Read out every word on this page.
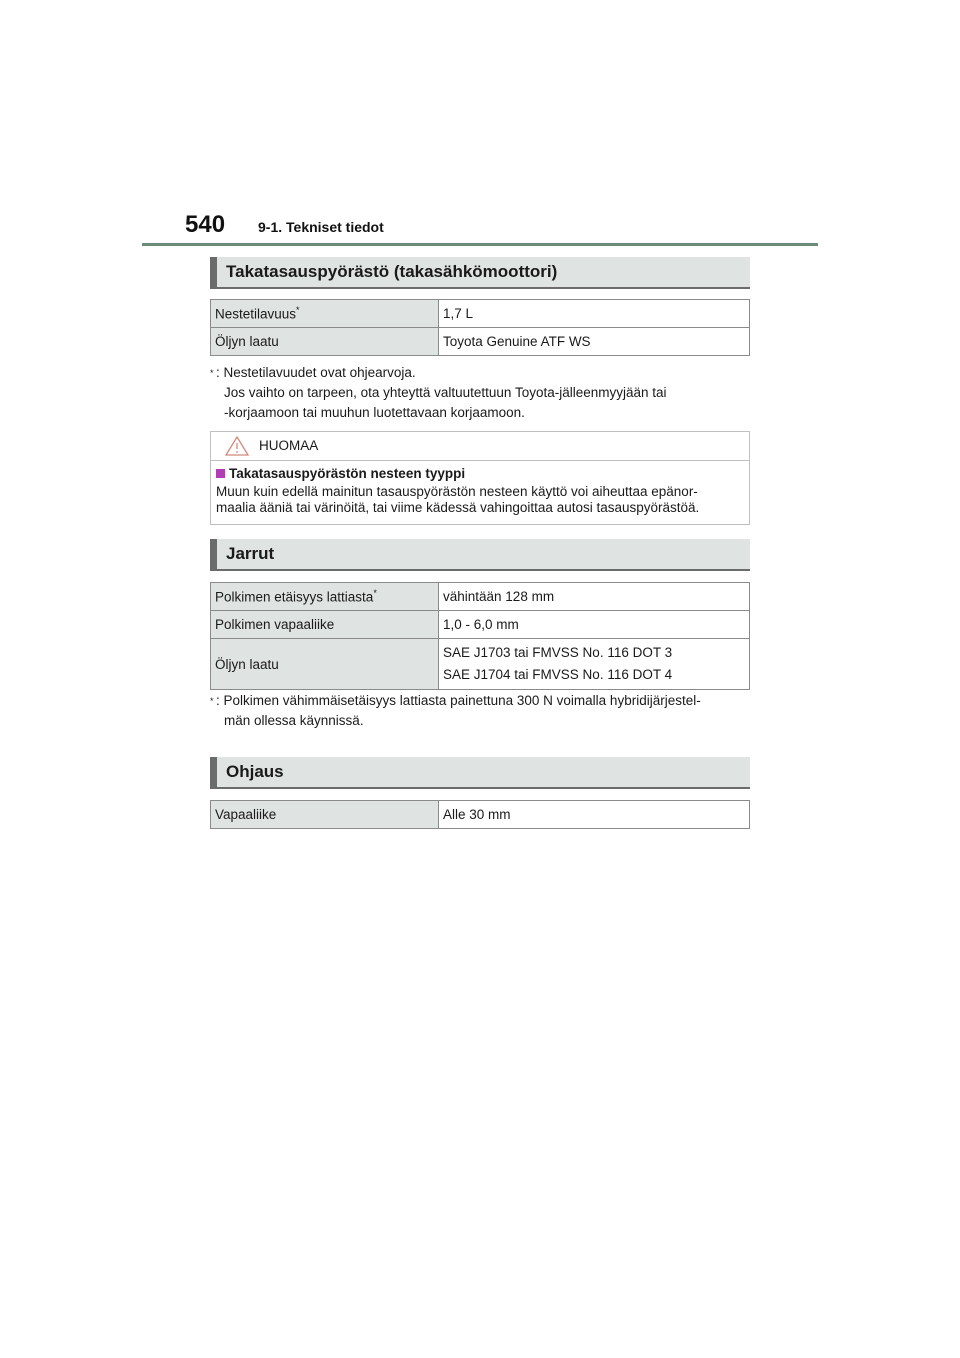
540 9-1. Tekniset tiedot
Takatasauspyörästö (takasähkömoottori)
Nestetilavuus*	1,7 L
Öljyn laatu	Toyota Genuine ATF WS
* : Nestetilavuudet ovat ohjearvoja.
Jos vaihto on tarpeen, ota yhteyttä valtuutettuun Toyota-jälleenmyyjään tai
-korjaamoon tai muuhun luotettavaan korjaamoon.
HUOMAA
Takatasauspyörästön nesteen tyyppi
Muun kuin edellä mainitun tasauspyörästön nesteen käyttö voi aiheuttaa epänor-
maalia ääniä tai värinöitä, tai viime kädessä vahingoittaa autosi tasauspyörästöä.
Jarrut
Polkimen etäisyys lattiasta*	vähintään 128 mm
Polkimen vapaaliike	1,0 - 6,0 mm
Öljyn laatu	SAE J1703 tai FMVSS No. 116 DOT 3
SAE J1704 tai FMVSS No. 116 DOT 4
* : Polkimen vähimmäisetäisyys lattiasta painettuna 300 N voimalla hybridijärjestel-
män ollessa käynnissä.
Ohjaus
Vapaaliike	Alle 30 mm
